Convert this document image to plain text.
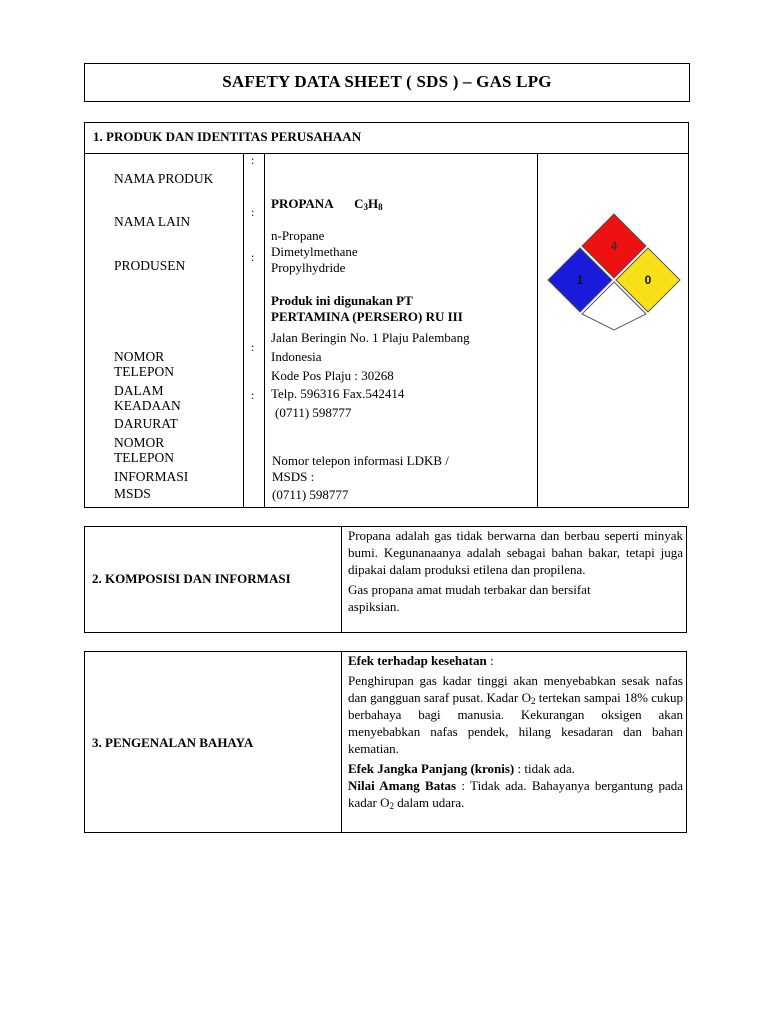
SAFETY DATA SHEET ( SDS ) – GAS LPG
1. PRODUK DAN IDENTITAS PERUSAHAAN
NAMA PRODUK
NAMA LAIN
PRODUSEN
NOMOR
TELEPON
DALAM
KEADAAN
DARURAT
NOMOR
TELEPON
INFORMASI
MSDS
:
:
:
:
:
PROPANA $C_3H_8$
n-Propane
Dimetylmethane
Propylhydride
Produk ini digunakan PT
PERTAMINA (PERSERO) RU III
Jalan Beringin No. 1 Plaju Palembang
Indonesia
Kode Pos Plaju : 30268
Telp. 596316 Fax.542414
(0711) 598777
Nomor telepon informasi LDKB /
MSDS :
(0711) 598777
4
1	0
2. KOMPOSISI DAN INFORMASI

Propana adalah gas tidak berwarna dan berbau seperti minyak bumi. Kegunanaanya adalah sebagai bahan bakar, tetapi juga dipakai dalam produksi etilena dan propilena.

Gas propana amat mudah terbakar dan bersifat aspiksian.

3. PENGENALAN BAHAYA

Efek terhadap kesehatan :

Penghirupan gas kadar tinggi akan menyebabkan sesak nafas dan gangguan saraf pusat. Kadar $O_2$ tertekan sampai 18% cukup berbahaya bagi manusia. Kekurangan oksigen akan menyebabkan nafas pendek, hilang kesadaran dan bahan kematian.

Efek Jangka Panjang (kronis) : tidak ada.

Nilai Amang Batas : Tidak ada. Bahayanya bergantung pada kadar $O_2$ dalam udara.
